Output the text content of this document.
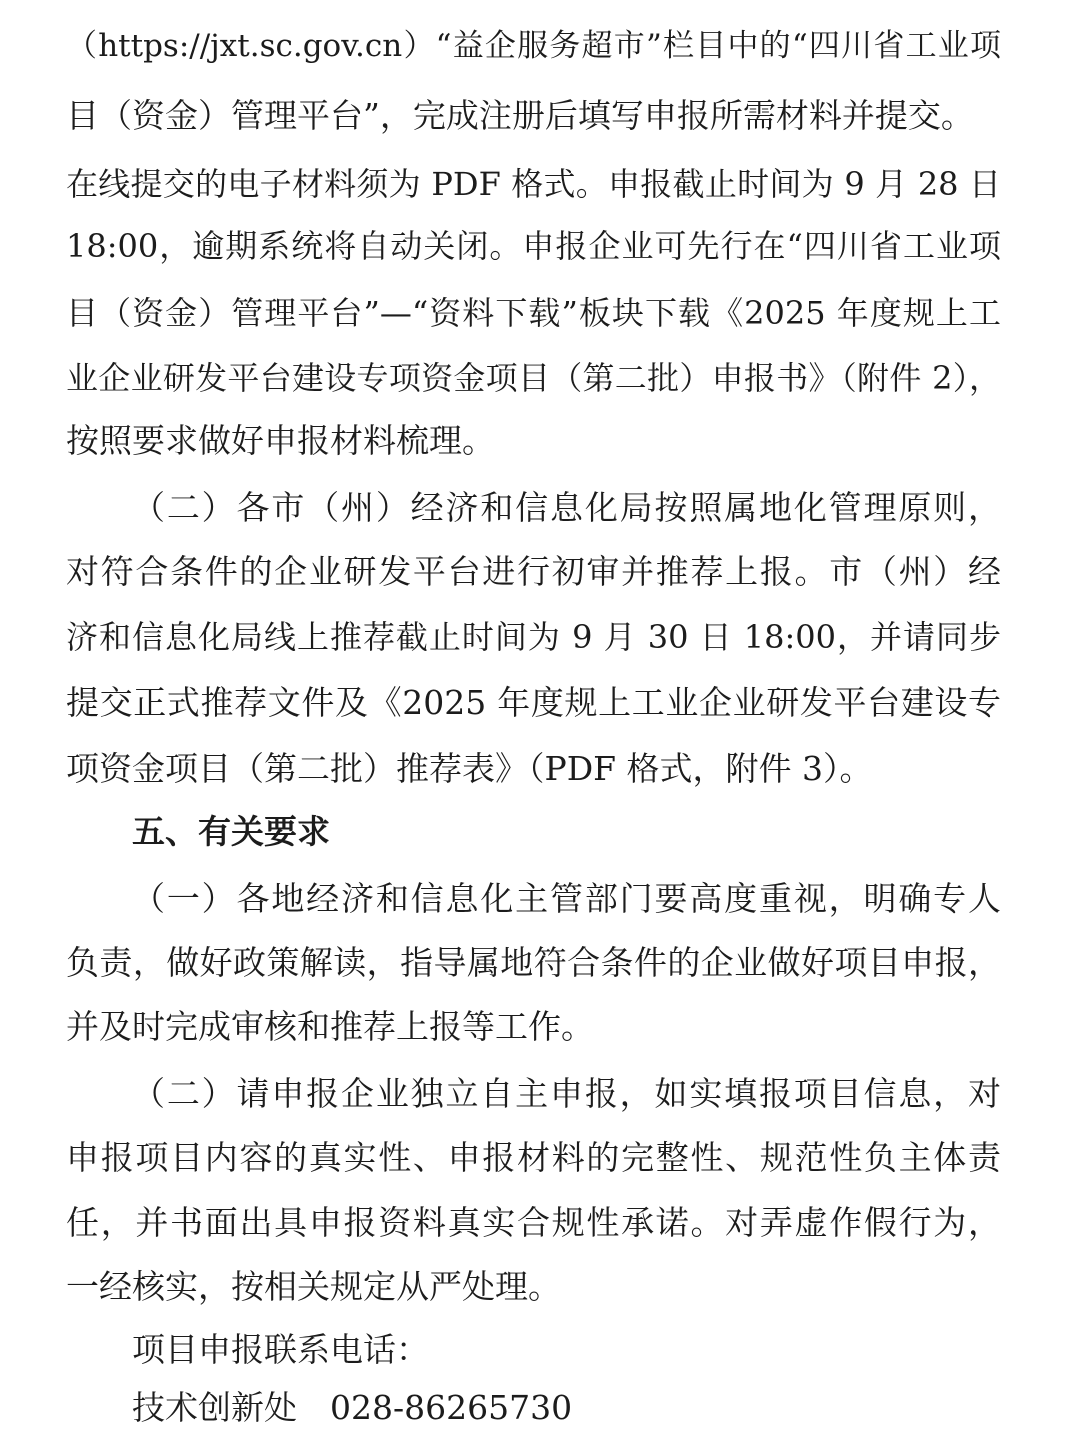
（https://jxt.sc.gov.cn）“益企服务超市”栏目中的“四川省工业项
目（资金）管理平台”，完成注册后填写申报所需材料并提交。
在线提交的电子材料须为 PDF 格式。申报截止时间为 9 月 28 日
18:00，逾期系统将自动关闭。申报企业可先行在“四川省工业项
目（资金）管理平台”—“资料下载”板块下载《2025 年度规上工
业企业研发平台建设专项资金项目（第二批）申报书》（附件 2），
按照要求做好申报材料梳理。
（二）各市（州）经济和信息化局按照属地化管理原则，
对符合条件的企业研发平台进行初审并推荐上报。市（州）经
济和信息化局线上推荐截止时间为 9 月 30 日 18:00，并请同步
提交正式推荐文件及《2025 年度规上工业企业研发平台建设专
项资金项目（第二批）推荐表》（PDF 格式，附件 3）。
五、有关要求
（一）各地经济和信息化主管部门要高度重视，明确专人
负责，做好政策解读，指导属地符合条件的企业做好项目申报，
并及时完成审核和推荐上报等工作。
（二）请申报企业独立自主申报，如实填报项目信息，对
申报项目内容的真实性、申报材料的完整性、规范性负主体责
任，并书面出具申报资料真实合规性承诺。对弄虚作假行为，
一经核实，按相关规定从严处理。
项目申报联系电话：
技术创新处　028-86265730
